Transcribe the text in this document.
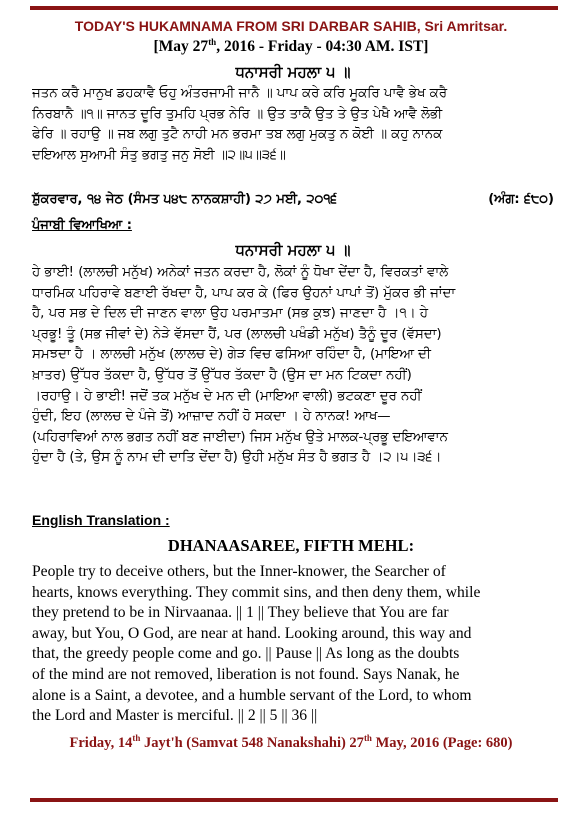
TODAY'S HUKAMNAMA FROM SRI DARBAR SAHIB, Sri Amritsar.
[May 27th, 2016 - Friday - 04:30 AM. IST]
ਧਨਾਸਰੀ ਮਹਲਾ ੫ ॥
ਜਤਨ ਕਰੈ ਮਾਨੁਖ ਡਹਕਾਵੈ ਓਹੁ ਅੰਤਰਜਾਮੀ ਜਾਨੈ ॥ ਪਾਪ ਕਰੇ ਕਰਿ ਮੂਕਰਿ ਪਾਵੈ ਭੇਖ ਕਰੈ
ਨਿਰਬਾਨੈ ॥੧॥ ਜਾਨਤ ਦੂਰਿ ਤੁਮਹਿ ਪ੍ਰਭ ਨੇਰਿ ॥ ਉਤ ਤਾਕੈ ਉਤ ਤੇ ਉਤ ਪੇਖੈ ਆਵੈ ਲੋਭੀ
ਫੇਰਿ ॥ ਰਹਾਉ ॥ ਜਬ ਲਗੁ ਤੁਟੈ ਨਾਹੀ ਮਨ ਭਰਮਾ ਤਬ ਲਗੁ ਮੁਕਤੁ ਨ ਕੋਈ ॥ ਕਹੁ ਨਾਨਕ
ਦਇਆਲ ਸੁਆਮੀ ਸੰਤੁ ਭਗਤੁ ਜਨੁ ਸੋਈ ॥੨॥੫॥੩੬॥
ਸ਼ੁੱਕਰਵਾਰ, ੧੪ ਜੇਠ (ਸੰਮਤ ੫੪੮ ਨਾਨਕਸ਼ਾਹੀ) ੨੭ ਮਈ, ੨੦੧੬	(ਅੰਗ: ੬੮੦)
ਪੰਜਾਬੀ ਵਿਆਖਿਆ :
ਧਨਾਸਰੀ ਮਹਲਾ ੫ ॥
ਹੇ ਭਾਈ! (ਲਾਲਚੀ ਮਨੁੱਖ) ਅਨੇਕਾਂ ਜਤਨ ਕਰਦਾ ਹੈ, ਲੋਕਾਂ ਨੂੰ ਧੋਖਾ ਦੇਂਦਾ ਹੈ, ਵਿਰਕਤਾਂ ਵਾਲੇ
ਧਾਰਮਿਕ ਪਹਿਰਾਵੇ ਬਣਾਈ ਰੱਖਦਾ ਹੈ, ਪਾਪ ਕਰ ਕੇ (ਫਿਰ ਉਹਨਾਂ ਪਾਪਾਂ ਤੋਂ) ਮੁੱਕਰ ਭੀ ਜਾਂਦਾ
ਹੈ, ਪਰ ਸਭ ਦੇ ਦਿਲ ਦੀ ਜਾਣਨ ਵਾਲਾ ਉਹ ਪਰਮਾਤਮਾ (ਸਭ ਕੁਝ) ਜਾਣਦਾ ਹੈ ।੧। ਹੇ
ਪ੍ਰਭੂ! ਤੂੰ (ਸਭ ਜੀਵਾਂ ਦੇ) ਨੇੜੇ ਵੱਸਦਾ ਹੈਂ, ਪਰ (ਲਾਲਚੀ ਪਖੰਡੀ ਮਨੁੱਖ) ਤੈਨੂੰ ਦੂਰ (ਵੱਸਦਾ)
ਸਮਝਦਾ ਹੈ । ਲਾਲਚੀ ਮਨੁੱਖ (ਲਾਲਚ ਦੇ) ਗੇੜ ਵਿਚ ਫਸਿਆ ਰਹਿੰਦਾ ਹੈ, (ਮਾਇਆ ਦੀ
ਖ਼ਾਤਰ) ਉੱਧਰ ਤੱਕਦਾ ਹੈ, ਉੱਧਰ ਤੋਂ ਉੱਧਰ ਤੱਕਦਾ ਹੈ (ਉਸ ਦਾ ਮਨ ਟਿਕਦਾ ਨਹੀਂ)
।ਰਹਾਉ। ਹੇ ਭਾਈ! ਜਦੋਂ ਤਕ ਮਨੁੱਖ ਦੇ ਮਨ ਦੀ (ਮਾਇਆ ਵਾਲੀ) ਭਟਕਣਾ ਦੂਰ ਨਹੀਂ
ਹੁੰਦੀ, ਇਹ (ਲਾਲਚ ਦੇ ਪੰਜੇ ਤੋਂ) ਆਜ਼ਾਦ ਨਹੀਂ ਹੋ ਸਕਦਾ । ਹੇ ਨਾਨਕ! ਆਖ—
(ਪਹਿਰਾਵਿਆਂ ਨਾਲ ਭਗਤ ਨਹੀਂ ਬਣ ਜਾਈਦਾ) ਜਿਸ ਮਨੁੱਖ ਉਤੇ ਮਾਲਕ-ਪ੍ਰਭੂ ਦਇਆਵਾਨ
ਹੁੰਦਾ ਹੈ (ਤੇ, ਉਸ ਨੂੰ ਨਾਮ ਦੀ ਦਾਤਿ ਦੇਂਦਾ ਹੈ) ਉਹੀ ਮਨੁੱਖ ਸੰਤ ਹੈ ਭਗਤ ਹੈ ।੨।੫।੩੬।
English Translation :
DHANAASAREE, FIFTH MEHL:
People try to deceive others, but the Inner-knower, the Searcher of
hearts, knows everything. They commit sins, and then deny them, while
they pretend to be in Nirvaanaa. || 1 || They believe that You are far
away, but You, O God, are near at hand. Looking around, this way and
that, the greedy people come and go. || Pause || As long as the doubts
of the mind are not removed, liberation is not found. Says Nanak, he
alone is a Saint, a devotee, and a humble servant of the Lord, to whom
the Lord and Master is merciful. || 2 || 5 || 36 ||
Friday, 14th Jayt'h (Samvat 548 Nanakshahi) 27th May, 2016 (Page: 680)
